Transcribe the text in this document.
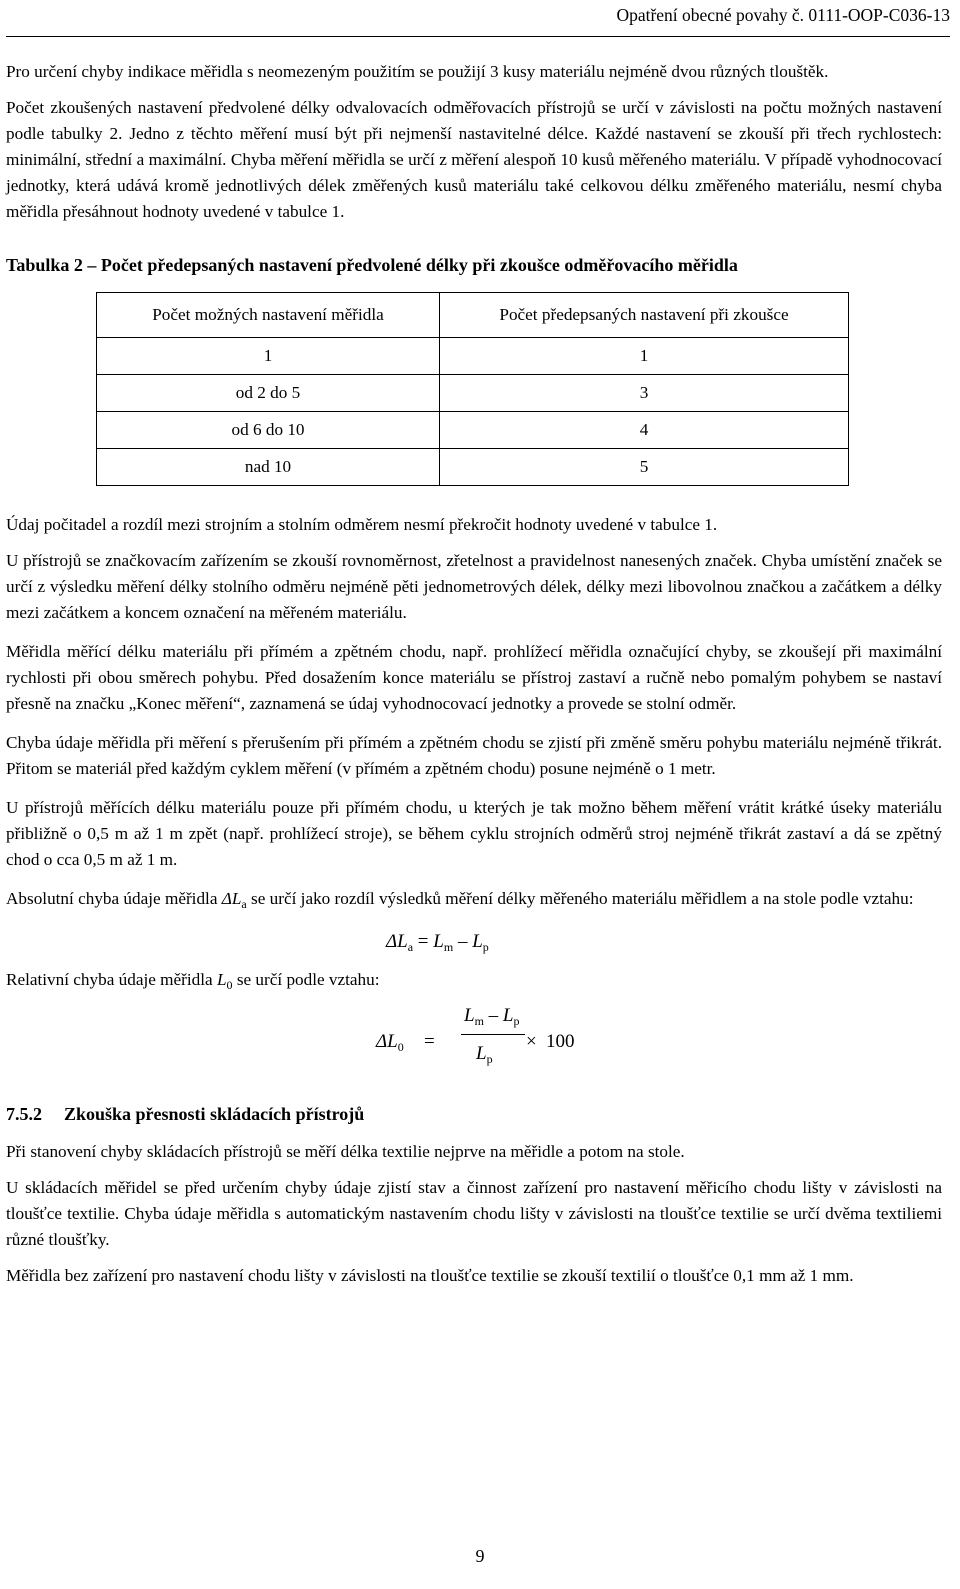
Opatření obecné povahy č. 0111-OOP-C036-13

Pro určení chyby indikace měřidla s neomezeným použitím se použijí 3 kusy materiálu nejméně dvou různých tlouštěk.

Počet zkoušených nastavení předvolené délky odvalovacích odměřovacích přístrojů se určí v závislosti na počtu možných nastavení podle tabulky 2. Jedno z těchto měření musí být při nejmenší nastavitelné délce. Každé nastavení se zkouší při třech rychlostech: minimální, střední a maximální. Chyba měření měřidla se určí z měření alespoň 10 kusů měřeného materiálu. V případě vyhodnocovací jednotky, která udává kromě jednotlivých délek změřených kusů materiálu také celkovou délku změřeného materiálu, nesmí chyba měřidla přesáhnout hodnoty uvedené v tabulce 1.

Tabulka 2 – Počet předepsaných nastavení předvolené délky při zkoušce odměřovacího měřidla
Počet možných nastavení měřidla	Počet předepsaných nastavení při zkoušce
1	1
od 2 do 5	3
od 6 do 10	4
nad 10	5

Údaj počitadel a rozdíl mezi strojním a stolním odměrem nesmí překročit hodnoty uvedené v tabulce 1.

U přístrojů se značkovacím zařízením se zkouší rovnoměrnost, zřetelnost a pravidelnost nanesených značek. Chyba umístění značek se určí z výsledku měření délky stolního odměru nejméně pěti jednometrových délek, délky mezi libovolnou značkou a začátkem a délky mezi začátkem a koncem označení na měřeném materiálu.

Měřidla měřící délku materiálu při přímém a zpětném chodu, např. prohlížecí měřidla označující chyby, se zkoušejí při maximální rychlosti při obou směrech pohybu. Před dosažením konce materiálu se přístroj zastaví a ručně nebo pomalým pohybem se nastaví přesně na značku „Konec měření“, zaznamená se údaj vyhodnocovací jednotky a provede se stolní odměr.

Chyba údaje měřidla při měření s přerušením při přímém a zpětném chodu se zjistí při změně směru pohybu materiálu nejméně třikrát. Přitom se materiál před každým cyklem měření (v přímém a zpětném chodu) posune nejméně o 1 metr.

U přístrojů měřících délku materiálu pouze při přímém chodu, u kterých je tak možno během měření vrátit krátké úseky materiálu přibližně o 0,5 m až 1 m zpět (např. prohlížecí stroje), se během cyklu strojních odměrů stroj nejméně třikrát zastaví a dá se zpětný chod o cca 0,5 m až 1 m.

Absolutní chyba údaje měřidla $\Delta L_a$ se určí jako rozdíl výsledků měření délky měřeného materiálu měřidlem a na stole podle vztahu:

$\Delta L_a = L_m - L_p$

Relativní chyba údaje měřidla $L_0$ se určí podle vztahu:

$\Delta L_0$ =
$L_m - L_p$
$L_p$
× 100
7.5.2 Zkouška přesnosti skládacích přístrojů

Při stanovení chyby skládacích přístrojů se měří délka textilie nejprve na měřidle a potom na stole.

U skládacích měřidel se před určením chyby údaje zjistí stav a činnost zařízení pro nastavení měřicího chodu lišty v závislosti na tloušťce textilie. Chyba údaje měřidla s automatickým nastavením chodu lišty v závislosti na tloušťce textilie se určí dvěma textiliemi různé tloušťky.

Měřidla bez zařízení pro nastavení chodu lišty v závislosti na tloušťce textilie se zkouší textilií o tloušťce 0,1 mm až 1 mm.

9
